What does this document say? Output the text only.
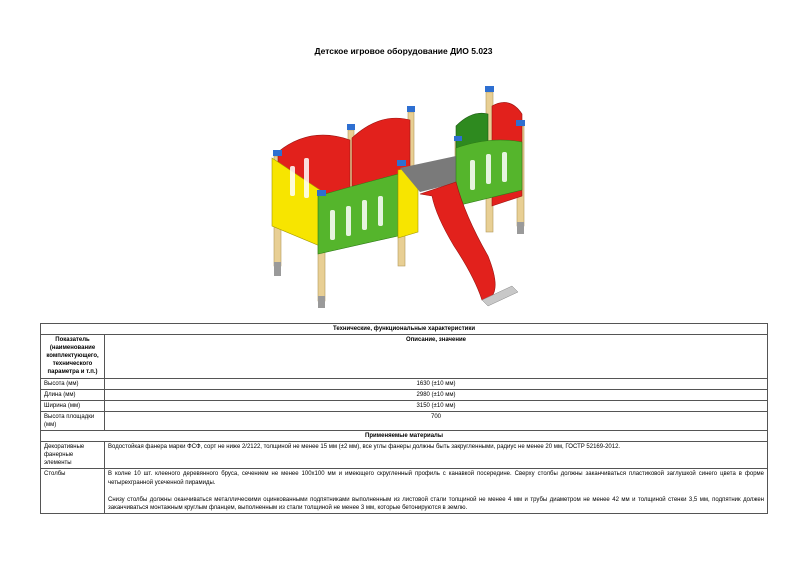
Детское игровое оборудование ДИО 5.023
Технические, функциональные характеристики	
Показатель (наименование комплектующего, технического параметра и т.п.)	Описание, значение
Высота (мм)	1630 (±10 мм)
Длина (мм)	2980 (±10 мм)
Ширина (мм)	3150 (±10 мм)
Высота площадки (мм)	700
Применяемые материалы	
Декоративные фанерные элементы	Водостойкая фанера марки ФСФ, сорт не ниже 2/2122, толщиной не менее 15 мм (±2 мм), все углы фанеры должны быть закругленными, радиус не менее 20 мм, ГОСТР 52169-2012.
Столбы	В колне 10 шт. клееного деревянного бруса, сечением не менее 100х100 мм и имеющего скругленный профиль с канавкой посередине. Сверху столбы должны заканчиваться пластиковой заглушкой синего цвета в форме четырехгранной усеченной пирамиды.

Снизу столбы должны оканчиваться металлическими оцинкованными подпятниками выполненным из листовой стали толщиной не менее 4 мм и трубы диаметром не менее 42 мм и толщиной стенки 3,5 мм, подпятник должен заканчиваться монтажным круглым фланцем, выполненным из стали толщиной не менее 3 мм, которые бетонируются в землю.
